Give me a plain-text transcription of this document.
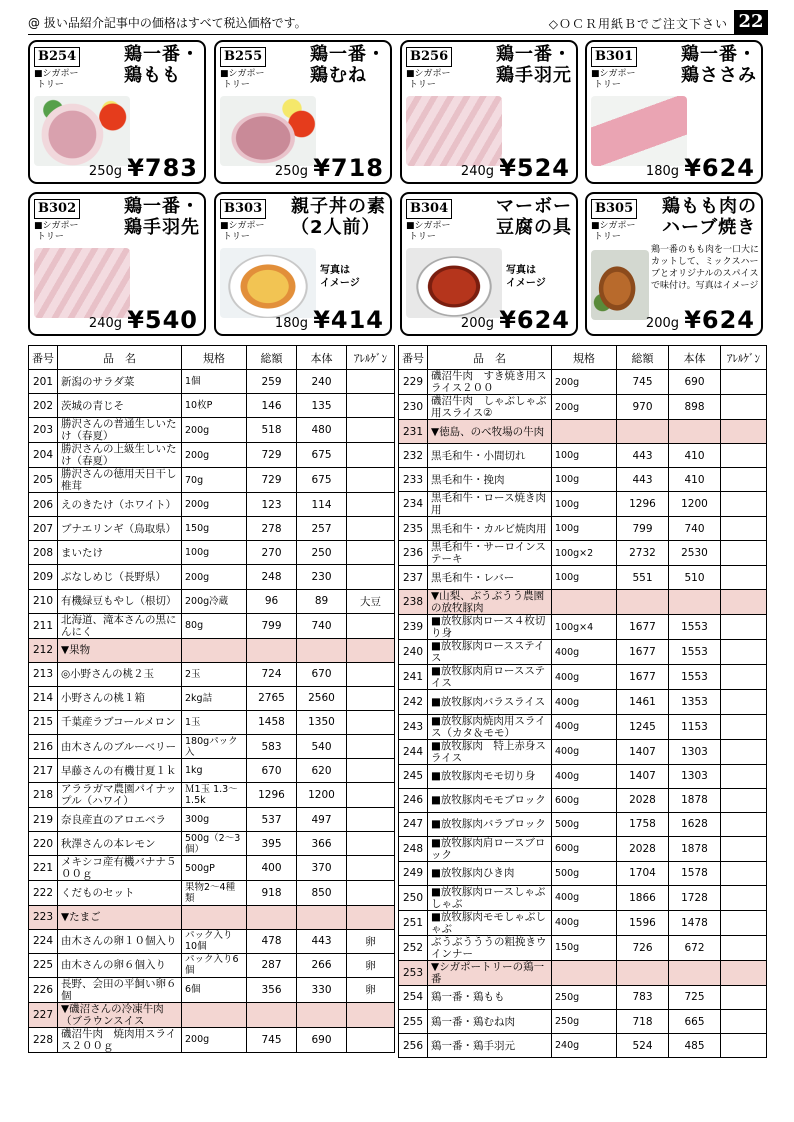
@ 扱い品紹介記事中の価格はすべて税込価格です。	◇ＯＣＲ用紙Ｂでご注文下さい 22
B254	鶏一番・
鶏もも
■シガポー
トリー
250g ¥783
B255	鶏一番・
鶏むね
■シガポー
トリー
250g ¥718
B256	鶏一番・
鶏手羽元
■シガポー
トリー
240g ¥524
B301	鶏一番・
鶏ささみ
■シガポー
トリー
180g ¥624
B302	鶏一番・
鶏手羽先
■シガポー
トリー
240g ¥540
B303 親子丼の素
（2人前）
■シガポー
トリー
写真は
イメージ
180g ¥414
B304	マーボー
豆腐の具
■シガポー
トリー
写真は
イメージ
200g ¥624
B305 鶏もも肉の
ハーブ焼き
■シガポー
トリー
鶏一番のもも肉を一口大にカットして、ミックスハーブとオリジナルのスパイスで味付け。写真はイメージ
200g ¥624
番号	品　名	規格	総額	本体	ｱﾚﾙｹﾞﾝ
201	新潟のサラダ菜	1個	259	240	
202	茨城の青じそ	10枚P	146	135	
203	勝沢さんの普通生しいたけ（春夏）	200g	518	480	
204	勝沢さんの上級生しいたけ（春夏）	200g	729	675	
205	勝沢さんの徳用天日干し椎茸	70g	729	675	
206	えのきたけ（ホワイト）	200g	123	114	
207	ブナエリンギ（鳥取県）	150g	278	257	
208	まいたけ	100g	270	250	
209	ぶなしめじ（長野県）	200g	248	230	
210	有機緑豆もやし（根切）	200g冷蔵	96	89	大豆
211	北海道、滝本さんの黒にんにく	80g	799	740	
212	▼果物				
213	◎小野さんの桃２玉	2玉	724	670	
214	小野さんの桃１箱	2kg詰	2765	2560	
215	千葉産ラブコールメロン	1玉	1458	1350	
216	由木さんのブルーベリー	180gパック入	583	540	
217	早藤さんの有機甘夏１ｋ	1kg	670	620	
218	アララガマ農園パイナップル（ハワイ）	Ｍ1玉 1.3～1.5k	1296	1200	
219	奈良産直のアロエベラ	300g	537	497	
220	秋澤さんの本レモン	500g（2～3個）	395	366	
221	メキシコ産有機バナナ５００ｇ	500gP	400	370	
222	くだものセット	果物2～4種類	918	850	
223	▼たまご				
224	由木さんの卵１０個入り	パック入り10個	478	443	卵
225	由木さんの卵６個入り	パック入り6個	287	266	卵
226	長野、会田の平飼い卵６個	6個	356	330	卵
227	▼磯沼さんの冷凍牛肉（ブラウンスイス				
228	磯沼牛肉　焼肉用スライス２００ｇ	200g	745	690	
番号	品　名	規格	総額	本体	ｱﾚﾙｹﾞﾝ
229	磯沼牛肉　すき焼き用スライス２００	200g	745	690	
230	磯沼牛肉　しゃぶしゃぶ用スライス②	200g	970	898	
231	▼徳島、のべ牧場の牛肉				
232	黒毛和牛・小間切れ	100g	443	410	
233	黒毛和牛・挽肉	100g	443	410	
234	黒毛和牛・ロース焼き肉用	100g	1296	1200	
235	黒毛和牛・カルビ焼肉用	100g	799	740	
236	黒毛和牛・サーロインステーキ	100g×2	2732	2530	
237	黒毛和牛・レバー	100g	551	510	
238	▼山梨、ぶうぶうう農園の放牧豚肉				
239	■放牧豚肉ロース４枚切り身	100g×4	1677	1553	
240	■放牧豚肉ロースステイス	400g	1677	1553	
241	■放牧豚肉肩ロースステイス	400g	1677	1553	
242	■放牧豚肉バラスライス	400g	1461	1353	
243	■放牧豚肉焼肉用スライス（カタ＆モモ）	400g	1245	1153	
244	■放牧豚肉　特上赤身スライス	400g	1407	1303	
245	■放牧豚肉モモ切り身	400g	1407	1303	
246	■放牧豚肉モモブロック	600g	2028	1878	
247	■放牧豚肉バラブロック	500g	1758	1628	
248	■放牧豚肉肩ロースブロック	600g	2028	1878	
249	■放牧豚肉ひき肉	500g	1704	1578	
250	■放牧豚肉ロースしゃぶしゃぶ	400g	1866	1728	
251	■放牧豚肉モモしゃぶしゃぶ	400g	1596	1478	
252	ぶうぶうううの粗挽きウインナー	150g	726	672	
253	▼シガポートリーの鶏一番				
254	鶏一番・鶏もも	250g	783	725	
255	鶏一番・鶏むね肉	250g	718	665	
256	鶏一番・鶏手羽元	240g	524	485	
